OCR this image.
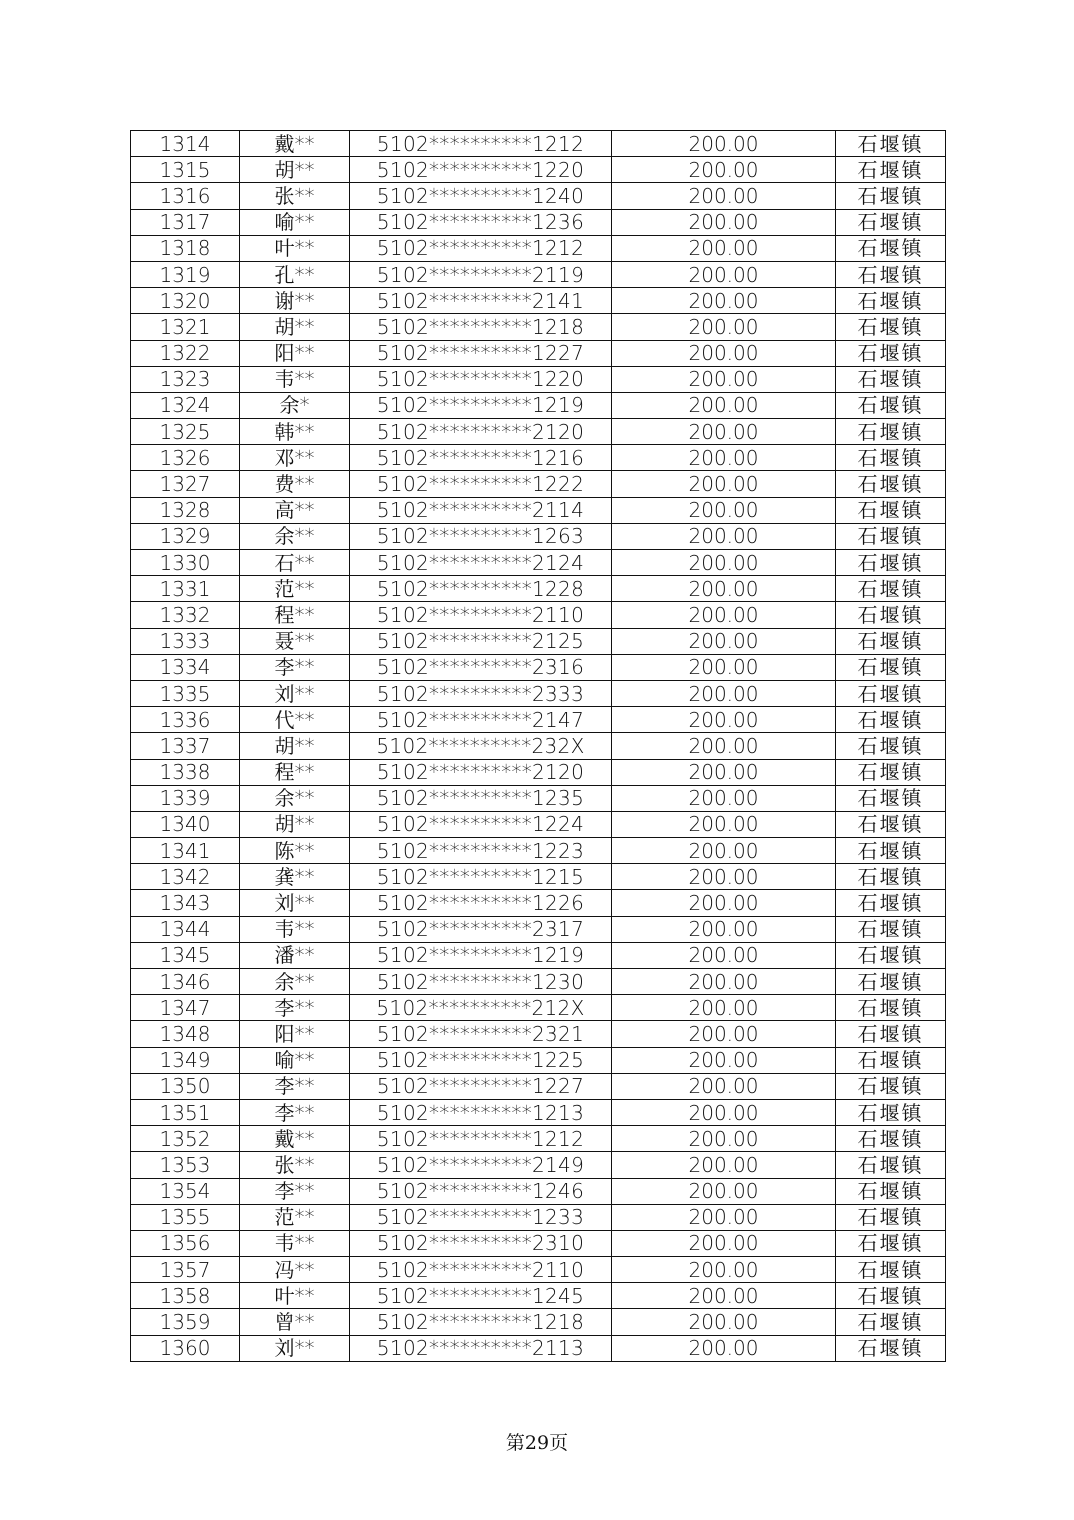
1314	戴**	5102**********1212	200.00	石堰镇
1315	胡**	5102**********1220	200.00	石堰镇
1316	张**	5102**********1240	200.00	石堰镇
1317	喻**	5102**********1236	200.00	石堰镇
1318	叶**	5102**********1212	200.00	石堰镇
1319	孔**	5102**********2119	200.00	石堰镇
1320	谢**	5102**********2141	200.00	石堰镇
1321	胡**	5102**********1218	200.00	石堰镇
1322	阳**	5102**********1227	200.00	石堰镇
1323	韦**	5102**********1220	200.00	石堰镇
1324	余*	5102**********1219	200.00	石堰镇
1325	韩**	5102**********2120	200.00	石堰镇
1326	邓**	5102**********1216	200.00	石堰镇
1327	费**	5102**********1222	200.00	石堰镇
1328	高**	5102**********2114	200.00	石堰镇
1329	余**	5102**********1263	200.00	石堰镇
1330	石**	5102**********2124	200.00	石堰镇
1331	范**	5102**********1228	200.00	石堰镇
1332	程**	5102**********2110	200.00	石堰镇
1333	聂**	5102**********2125	200.00	石堰镇
1334	李**	5102**********2316	200.00	石堰镇
1335	刘**	5102**********2333	200.00	石堰镇
1336	代**	5102**********2147	200.00	石堰镇
1337	胡**	5102**********232X	200.00	石堰镇
1338	程**	5102**********2120	200.00	石堰镇
1339	余**	5102**********1235	200.00	石堰镇
1340	胡**	5102**********1224	200.00	石堰镇
1341	陈**	5102**********1223	200.00	石堰镇
1342	龚**	5102**********1215	200.00	石堰镇
1343	刘**	5102**********1226	200.00	石堰镇
1344	韦**	5102**********2317	200.00	石堰镇
1345	潘**	5102**********1219	200.00	石堰镇
1346	余**	5102**********1230	200.00	石堰镇
1347	李**	5102**********212X	200.00	石堰镇
1348	阳**	5102**********2321	200.00	石堰镇
1349	喻**	5102**********1225	200.00	石堰镇
1350	李**	5102**********1227	200.00	石堰镇
1351	李**	5102**********1213	200.00	石堰镇
1352	戴**	5102**********1212	200.00	石堰镇
1353	张**	5102**********2149	200.00	石堰镇
1354	李**	5102**********1246	200.00	石堰镇
1355	范**	5102**********1233	200.00	石堰镇
1356	韦**	5102**********2310	200.00	石堰镇
1357	冯**	5102**********2110	200.00	石堰镇
1358	叶**	5102**********1245	200.00	石堰镇
1359	曾**	5102**********1218	200.00	石堰镇
1360	刘**	5102**********2113	200.00	石堰镇
第29页
